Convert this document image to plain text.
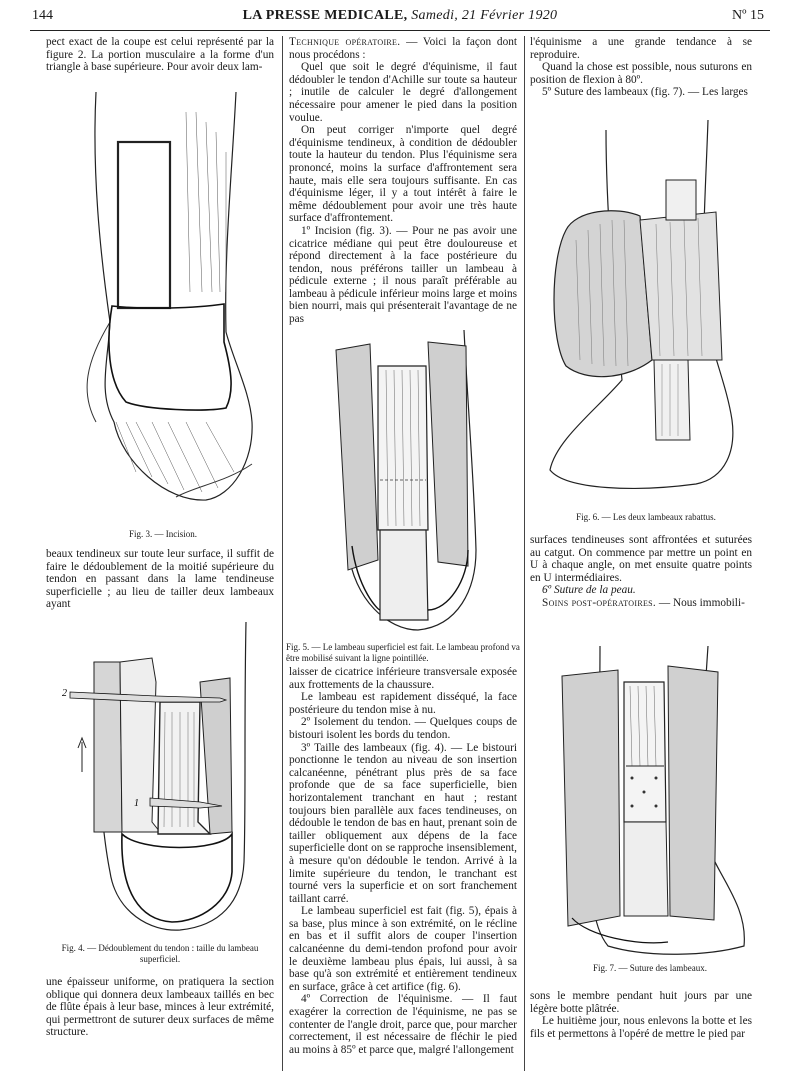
144	LA PRESSE MEDICALE, Samedi, 21 Février 1920	Nº 15

pect exact de la coupe est celui représenté par la figure 2. La portion musculaire a la forme d'un triangle à base supérieure. Pour avoir deux lam-

Fig. 3. — Incision.

beaux tendineux sur toute leur surface, il suffit de faire le dédoublement de la moitié supérieure du tendon en passant dans la lame tendineuse superficielle ; au lieu de tailler deux lambeaux ayant

2
1
Fig. 4. — Dédoublement du tendon : taille du lambeau superficiel.

une épaisseur uniforme, on pratiquera la section oblique qui donnera deux lambeaux taillés en bec de flûte épais à leur base, minces à leur extrémité, qui permettront de suturer deux surfaces de même structure.

Technique opératoire. — Voici la façon dont nous procédons :

Quel que soit le degré d'équinisme, il faut dédoubler le tendon d'Achille sur toute sa hauteur ; inutile de calculer le degré d'allongement nécessaire pour amener le pied dans la position voulue.

On peut corriger n'importe quel degré d'équinisme tendineux, à condition de dédoubler toute la hauteur du tendon. Plus l'équinisme sera prononcé, moins la surface d'affrontement sera haute, mais elle sera toujours suffisante. En cas d'équinisme léger, il y a tout intérêt à faire le même dédoublement pour avoir une très haute surface d'affrontement.

1º Incision (fig. 3). — Pour ne pas avoir une cicatrice médiane qui peut être douloureuse et répond directement à la face postérieure du tendon, nous préférons tailler un lambeau à pédicule externe ; il nous paraît préférable au lambeau à pédicule inférieur moins large et moins bien nourri, mais qui présenterait l'avantage de ne pas

Fig. 5. — Le lambeau superficiel est fait. Le lambeau profond va être mobilisé suivant la ligne pointillée.

laisser de cicatrice inférieure transversale exposée aux frottements de la chaussure.

Le lambeau est rapidement disséqué, la face postérieure du tendon mise à nu.

2º Isolement du tendon. — Quelques coups de bistouri isolent les bords du tendon.

3º Taille des lambeaux (fig. 4). — Le bistouri ponctionne le tendon au niveau de son insertion calcanéenne, pénétrant plus près de sa face profonde que de sa face superficielle, bien horizontalement tranchant en haut ; restant toujours bien parallèle aux faces tendineuses, on dédouble le tendon de bas en haut, prenant soin de tailler obliquement aux dépens de la face superficielle dont on se rapproche insensiblement, à mesure qu'on dédouble le tendon. Arrivé à la limite supérieure du tendon, le tranchant est tourné vers la superficie et on sort franchement taillant carré.

Le lambeau superficiel est fait (fig. 5), épais à sa base, plus mince à son extrémité, on le récline en bas et il suffit alors de couper l'insertion calcanéenne du demi-tendon profond pour avoir le deuxième lambeau plus épais, lui aussi, à sa base qu'à son extrémité et entièrement tendineux en surface, grâce à cet artifice (fig. 6).

4º Correction de l'équinisme. — Il faut exagérer la correction de l'équinisme, ne pas se contenter de l'angle droit, parce que, pour marcher correctement, il est nécessaire de fléchir le pied au moins à 85º et parce que, malgré l'allongement

l'équinisme a une grande tendance à se reproduire.

Quand la chose est possible, nous suturons en position de flexion à 80º.

5º Suture des lambeaux (fig. 7). — Les larges

Fig. 6. — Les deux lambeaux rabattus.

surfaces tendineuses sont affrontées et suturées au catgut. On commence par mettre un point en U à chaque angle, on met ensuite quatre points en U intermédiaires.

6º Suture de la peau.

Soins post-opératoires. — Nous immobili-

Fig. 7. — Suture des lambeaux.

sons le membre pendant huit jours par une légère botte plâtrée.

Le huitième jour, nous enlevons la botte et les fils et permettons à l'opéré de mettre le pied par
